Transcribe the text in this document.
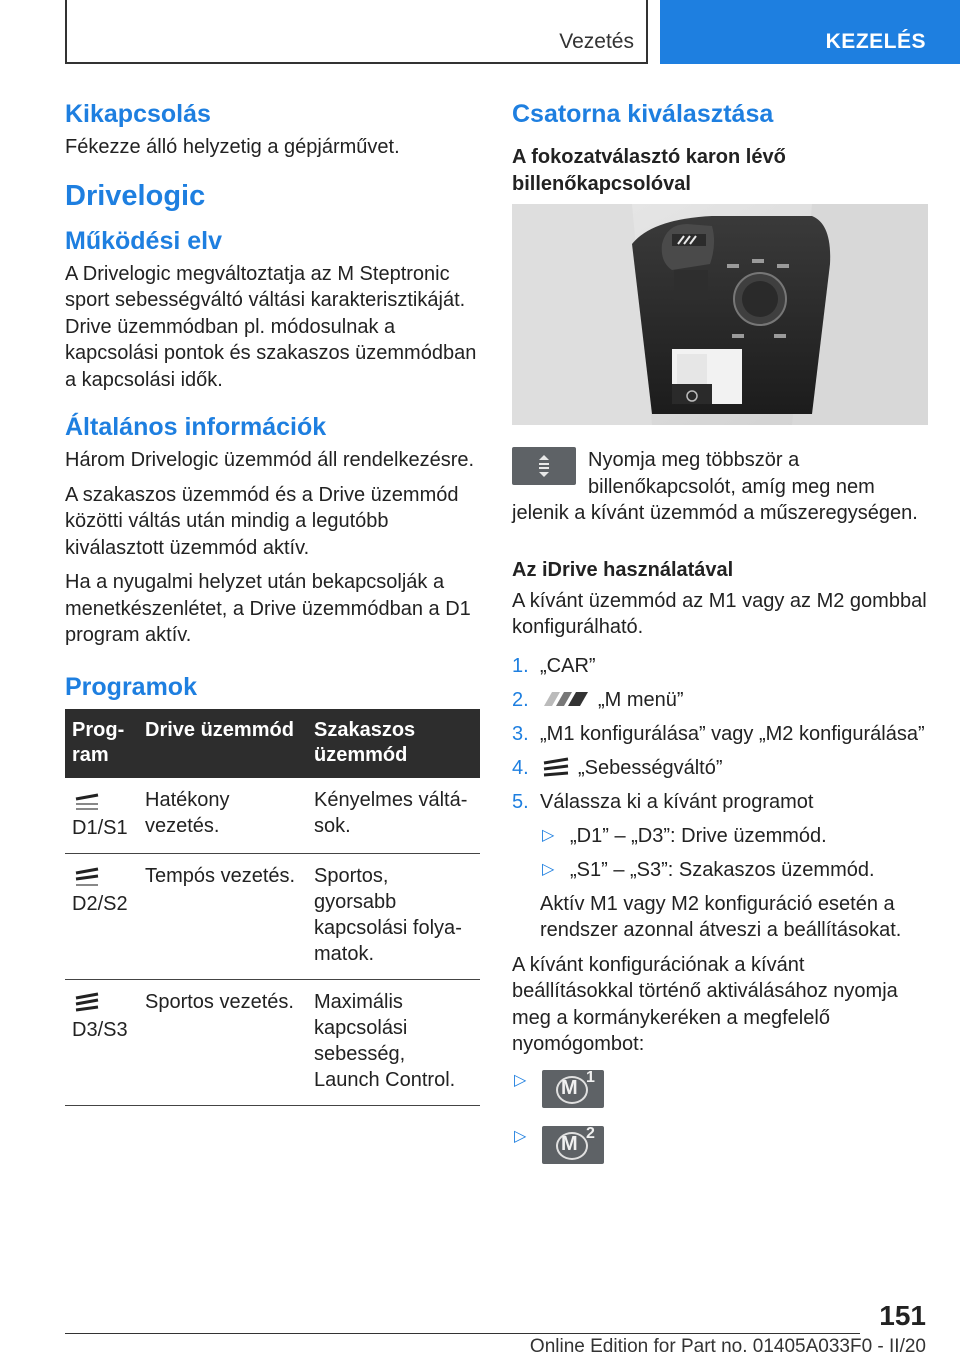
Vezetés	KEZELÉS
Kikapcsolás

Fékezze álló helyzetig a gépjárművet.

Drivelogic
Működési elv

A Drivelogic megváltoztatja az M Steptronic sport sebességváltó váltási karakterisztikáját. Drive üzemmódban pl. módosulnak a kapcsolási pontok és szakaszos üzemmódban a kapcsolási idők.

Általános információk

Három Drivelogic üzemmód áll rendelkezésre.

A szakaszos üzemmód és a Drive üzemmód közötti váltás után mindig a legutóbb kiválasztott üzemmód aktív.

Ha a nyugalmi helyzet után bekapcsolják a menetkészenlétet, a Drive üzemmódban a D1 program aktív.

Programok
Program	Drive üzemmód	Szakaszos üzemmód

D1/S1	Hatékony vezetés.	Kényelmes váltások.

D2/S2	Tempós vezetés.	Sportos, gyorsabb kapcsolási folyamatok.

D3/S3	Sportos vezetés.	Maximális kapcsolási sebesség, Launch Control.
Csatorna kiválasztása
A fokozatválasztó karon lévő billenőkapcsolóval

Nyomja meg többször a billenőkapcsolót, amíg meg nem jelenik a kívánt üzemmód a műszeregységen.

Az iDrive használatával

A kívánt üzemmód az M1 vagy az M2 gombbal konfigurálható.

1. „CAR”
2.	„M menü”
3. „M1 konfigurálása” vagy „M2 konfigurálása”
4. „Sebességváltó”
5. Válassza ki a kívánt programot
▷ „D1” – „D3”: Drive üzemmód.
▷ „S1” – „S3”: Szakaszos üzemmód.

Aktív M1 vagy M2 konfiguráció esetén a rendszer azonnal átveszi a beállításokat.

A kívánt konfigurációnak a kívánt beállításokkal történő aktiválásához nyomja meg a kormánykeréken a megfelelő nyomógombot:

▷ M 1
▷ M 2
151
Online Edition for Part no. 01405A033F0 - II/20
